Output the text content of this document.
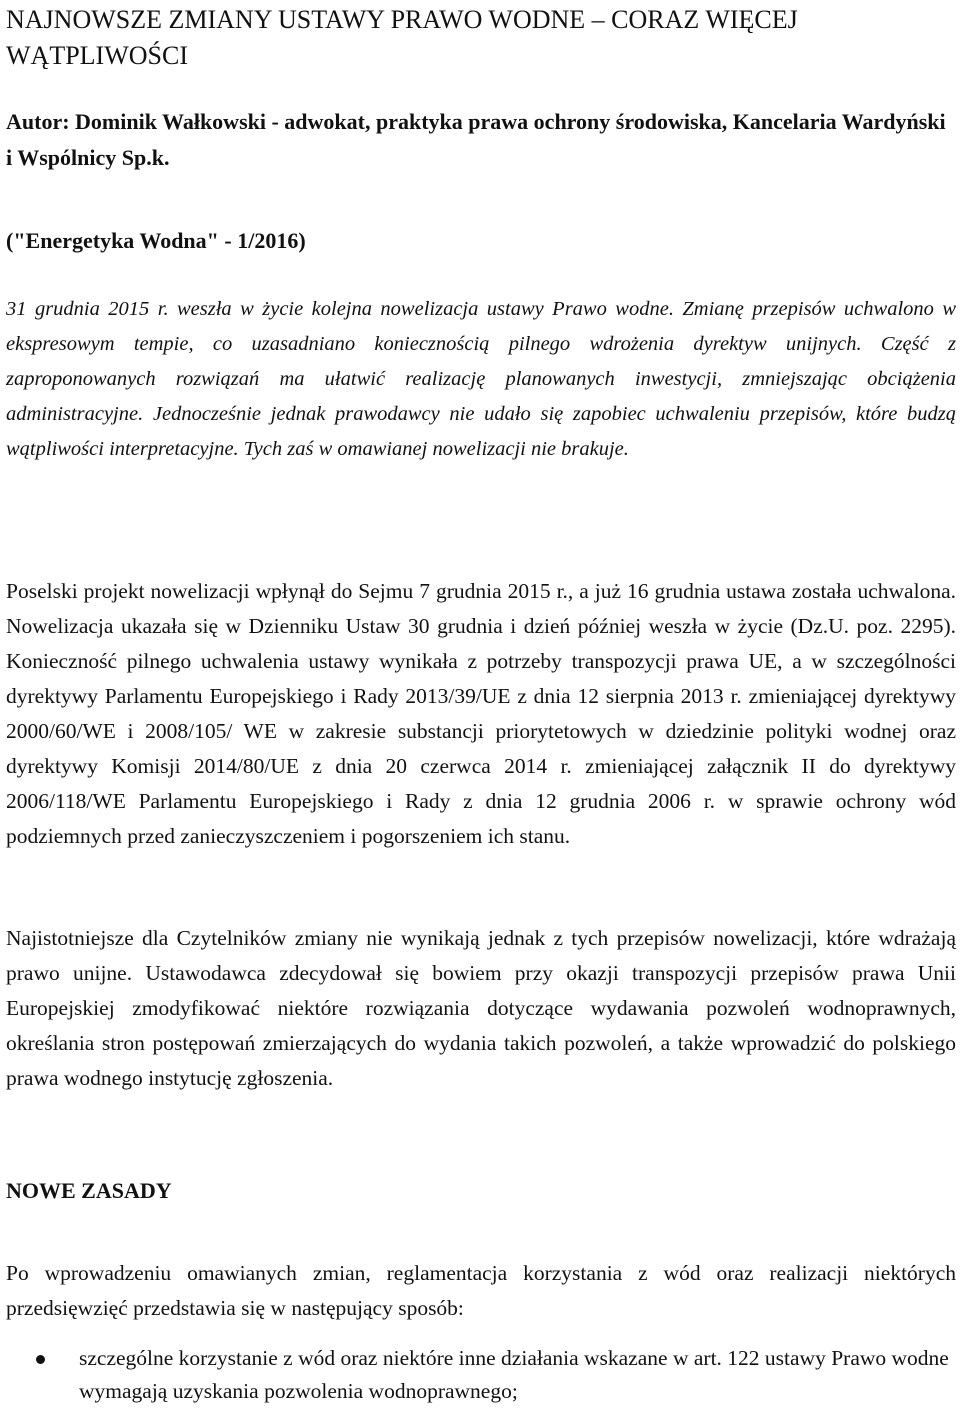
NAJNOWSZE ZMIANY USTAWY PRAWO WODNE – CORAZ WIĘCEJ WĄTPLIWOŚCI

Autor: Dominik Wałkowski - adwokat, praktyka prawa ochrony środowiska, Kancelaria Wardyński i Wspólnicy Sp.k.

("Energetyka Wodna" - 1/2016)

31 grudnia 2015 r. weszła w życie kolejna nowelizacja ustawy Prawo wodne. Zmianę przepisów uchwalono w ekspresowym tempie, co uzasadniano koniecznością pilnego wdrożenia dyrektyw unijnych. Część z zaproponowanych rozwiązań ma ułatwić realizację planowanych inwestycji, zmniejszając obciążenia administracyjne. Jednocześnie jednak prawodawcy nie udało się zapobiec uchwaleniu przepisów, które budzą wątpliwości interpretacyjne. Tych zaś w omawianej nowelizacji nie brakuje.

Poselski projekt nowelizacji wpłynął do Sejmu 7 grudnia 2015 r., a już 16 grudnia ustawa została uchwalona. Nowelizacja ukazała się w Dzienniku Ustaw 30 grudnia i dzień później weszła w życie (Dz.U. poz. 2295). Konieczność pilnego uchwalenia ustawy wynikała z potrzeby transpozycji prawa UE, a w szczególności dyrektywy Parlamentu Europejskiego i Rady 2013/39/UE z dnia 12 sierpnia 2013 r. zmieniającej dyrektywy 2000/60/WE i 2008/105/ WE w zakresie substancji priorytetowych w dziedzinie polityki wodnej oraz dyrektywy Komisji 2014/80/UE z dnia 20 czerwca 2014 r. zmieniającej załącznik II do dyrektywy 2006/118/WE Parlamentu Europejskiego i Rady z dnia 12 grudnia 2006 r. w sprawie ochrony wód podziemnych przed zanieczyszczeniem i pogorszeniem ich stanu.

Najistotniejsze dla Czytelników zmiany nie wynikają jednak z tych przepisów nowelizacji, które wdrażają prawo unijne. Ustawodawca zdecydował się bowiem przy okazji transpozycji przepisów prawa Unii Europejskiej zmodyfikować niektóre rozwiązania dotyczące wydawania pozwoleń wodnoprawnych, określania stron postępowań zmierzających do wydania takich pozwoleń, a także wprowadzić do polskiego prawa wodnego instytucję zgłoszenia.

NOWE ZASADY

Po wprowadzeniu omawianych zmian, reglamentacja korzystania z wód oraz realizacji niektórych przedsięwzięć przedstawia się w następujący sposób:

szczególne korzystanie z wód oraz niektóre inne działania wskazane w art. 122 ustawy Prawo wodne wymagają uzyskania pozwolenia wodnoprawnego;
